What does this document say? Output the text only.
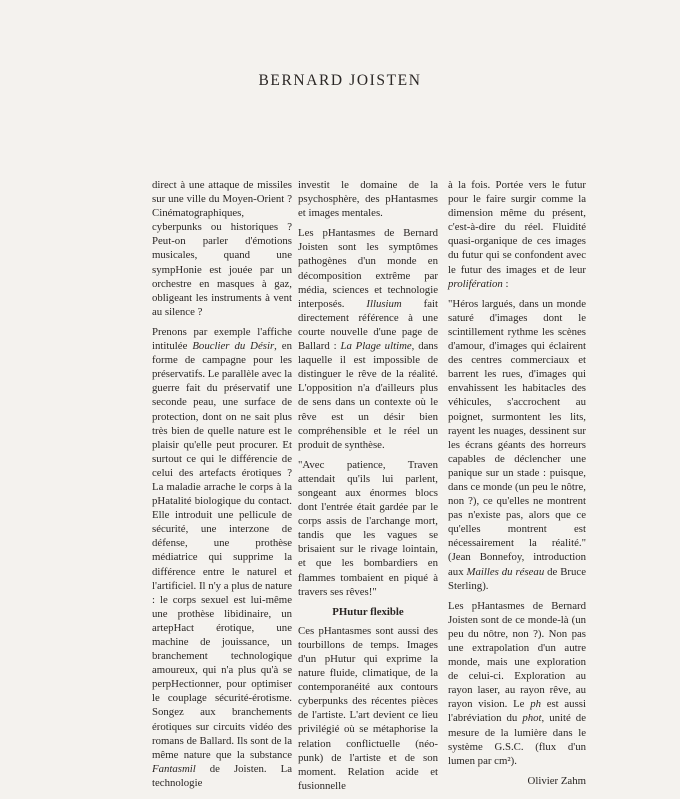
BERNARD JOISTEN

direct à une attaque de missiles sur une ville du Moyen-Orient ? Cinématographiques, cyberpunks ou historiques ? Peut-on parler d'émotions musicales, quand une sympHonie est jouée par un orchestre en masques à gaz, obligeant les instruments à vent au silence ?

Prenons par exemple l'affiche intitulée Bouclier du Désir, en forme de campagne pour les préservatifs. Le parallèle avec la guerre fait du préservatif une seconde peau, une surface de protection, dont on ne sait plus très bien de quelle nature est le plaisir qu'elle peut procurer. Et surtout ce qui le différencie de celui des artefacts érotiques ? La maladie arrache le corps à la pHatalité biologique du contact. Elle introduit une pellicule de sécurité, une interzone de défense, une prothèse médiatrice qui supprime la différence entre le naturel et l'artificiel. Il n'y a plus de nature : le corps sexuel est lui-même une prothèse libidinaire, un artepHact érotique, une machine de jouissance, un branchement technologique amoureux, qui n'a plus qu'à se perpHectionner, pour optimiser le couplage sécurité-érotisme. Songez aux branchements érotiques sur circuits vidéo des romans de Ballard. Ils sont de la même nature que la substance Fantasmil de Joisten. La technologie

investit le domaine de la psychosphère, des pHantasmes et images mentales.

Les pHantasmes de Bernard Joisten sont les symptômes pathogènes d'un monde en décomposition extrême par média, sciences et technologie interposés. Illusium fait directement référence à une courte nouvelle d'une page de Ballard : La Plage ultime, dans laquelle il est impossible de distinguer le rêve de la réalité. L'opposition n'a d'ailleurs plus de sens dans un contexte où le rêve est un désir bien compréhensible et le réel un produit de synthèse.

"Avec patience, Traven attendait qu'ils lui parlent, songeant aux énormes blocs dont l'entrée était gardée par le corps assis de l'archange mort, tandis que les vagues se brisaient sur le rivage lointain, et que les bombardiers en flammes tombaient en piqué à travers ses rêves!"

PHutur flexible

Ces pHantasmes sont aussi des tourbillons de temps. Images d'un pHutur qui exprime la nature fluide, climatique, de la contemporanéité aux contours cyberpunks des récentes pièces de l'artiste. L'art devient ce lieu privilégié où se métaphorise la relation conflictuelle (néo-punk) de l'artiste et de son moment. Relation acide et fusionnelle

à la fois. Portée vers le futur pour le faire surgir comme la dimension même du présent, c'est-à-dire du réel. Fluidité quasi-organique de ces images du futur qui se confondent avec le futur des images et de leur prolifération :

"Héros largués, dans un monde saturé d'images dont le scintillement rythme les scènes d'amour, d'images qui éclairent des centres commerciaux et barrent les rues, d'images qui envahissent les habitacles des véhicules, s'accrochent au poignet, surmontent les lits, rayent les nuages, dessinent sur les écrans géants des horreurs capables de déclencher une panique sur un stade : puisque, dans ce monde (un peu le nôtre, non ?), ce qu'elles ne montrent pas n'existe pas, alors que ce qu'elles montrent est nécessairement la réalité." (Jean Bonnefoy, introduction aux Mailles du réseau de Bruce Sterling).

Les pHantasmes de Bernard Joisten sont de ce monde-là (un peu du nôtre, non ?). Non pas une extrapolation d'un autre monde, mais une exploration de celui-ci. Exploration au rayon laser, au rayon rêve, au rayon vision. Le ph est aussi l'abréviation du phot, unité de mesure de la lumière dans le système G.S.C. (flux d'un lumen par cm²).

Olivier Zahm
